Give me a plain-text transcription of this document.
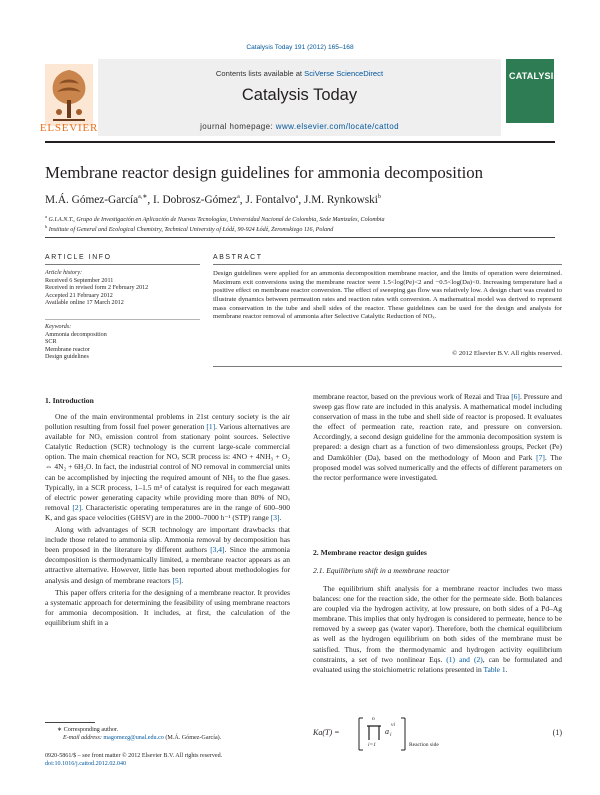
Catalysis Today 191 (2012) 165–168
Contents lists available at SciVerse ScienceDirect
Catalysis Today
journal homepage: www.elsevier.com/locate/cattod
ELSEVIER
CATALYSIS
Membrane reactor design guidelines for ammonia decomposition
M.Á. Gómez-García$^{a,∗}$, I. Dobrosz-Gómez$^a$, J. Fontalvo$^a$, J.M. Rynkowski$^b$
$^a$ G.I.A.N.T., Grupo de Investigación en Aplicación de Nuevas Tecnologías, Universidad Nacional de Colombia, Sede Manizales, Colombia
$^b$ Institute of General and Ecological Chemistry, Technical University of Łódź, 90-924 Łódź, Żeromskiego 116, Poland
ARTICLE INFO
Article history:
Received 6 September 2011
Received in revised form 2 February 2012
Accepted 21 February 2012
Available online 17 March 2012
Keywords:
Ammonia decomposition
SCR
Membrane reactor
Design guidelines
ABSTRACT
Design guidelines were applied for an ammonia decomposition membrane reactor, and the limits of operation were determined. Maximum exit conversions using the membrane reactor were 1.5<log(Pe)<2 and −0.5<log(Da)<0. Increasing temperature had a positive effect on membrane reactor conversion. The effect of sweeping gas flow was relatively low. A design chart was created to illustrate dynamics between permeation rates and reaction rates with conversion. A mathematical model was derived to represent mass conservation in the tube and shell sides of the reactor. These guidelines can be used for the design and analysis for membrane reactor removal of ammonia after Selective Catalytic Reduction of NOₓ.
© 2012 Elsevier B.V. All rights reserved.
1. Introduction

One of the main environmental problems in 21st century society is the air pollution resulting from fossil fuel power generation [1]. Various alternatives are available for NOₓ emission control from stationary point sources. Selective Catalytic Reduction (SCR) technology is the current large-scale commercial option. The main chemical reaction for NOₓ SCR process is: 4NO + 4NH₃ + O₂ ⇔ 4N₂ + 6H₂O. In fact, the industrial control of NO removal in commercial units can be accomplished by injecting the required amount of NH₃ to the flue gases. Typically, in a SCR process, 1–1.5 m³ of catalyst is required for each megawatt of electric power generating capacity while providing more than 80% of NOₓ removal [2]. Characteristic operating temperatures are in the range of 600–900 K, and gas space velocities (GHSV) are in the 2000–7000 h⁻¹ (STP) range [3].

Along with advantages of SCR technology are important drawbacks that include those related to ammonia slip. Ammonia removal by decomposition has been proposed in the literature by different authors [3,4]. Since the ammonia decomposition is thermodynamically limited, a membrane reactor appears as an attractive alternative. However, little has been reported about methodologies for analysis and design of membrane reactors [5].

This paper offers criteria for the designing of a membrane reactor. It provides a systematic approach for determining the feasibility of using membrane reactors for ammonia decomposition. It includes, at first, the calculation of the equilibrium shift in a

∗ Corresponding author.
E-mail address: magomezg@unal.edu.co (M.Á. Gómez-García).
0920-5861/$ – see front matter © 2012 Elsevier B.V. All rights reserved.
doi:10.1016/j.cattod.2012.02.040

membrane reactor, based on the previous work of Rezai and Traa [6]. Pressure and sweep gas flow rate are included in this analysis. A mathematical model including conservation of mass in the tube and shell side of reactor is proposed. It evaluates the effect of permeation rate, reaction rate, and pressure on conversion. Accordingly, a second design guideline for the ammonia decomposition system is prepared: a design chart as a function of two dimensionless groups, Pecket (Pe) and Damköhler (Da), based on the methodology of Moon and Park [7]. The proposed model was solved numerically and the effects of different parameters on the rector performance were investigated.

2. Membrane reactor design guides
2.1. Equilibrium shift in a membrane reactor

The equilibrium shift analysis for a membrane reactor includes two mass balances: one for the reaction side, the other for the permeate side. Both balances are coupled via the hydrogen activity, at low pressure, on both sides of a Pd–Ag membrane. This implies that only hydrogen is considered to permeate, hence to be removed by a sweep gas (water vapor). Therefore, both the chemical equilibrium as well as the hydrogen equilibrium on both sides of the membrane must be satisfied. Thus, from the thermodynamic and hydrogen activity equilibrium constraints, a set of two nonlinear Eqs. (1) and (2), can be formulated and evaluated using the stoichiometric relations presented in Table 1.

Ka(T) =
n
i=1
a i
νi
Reaction side
(1)
